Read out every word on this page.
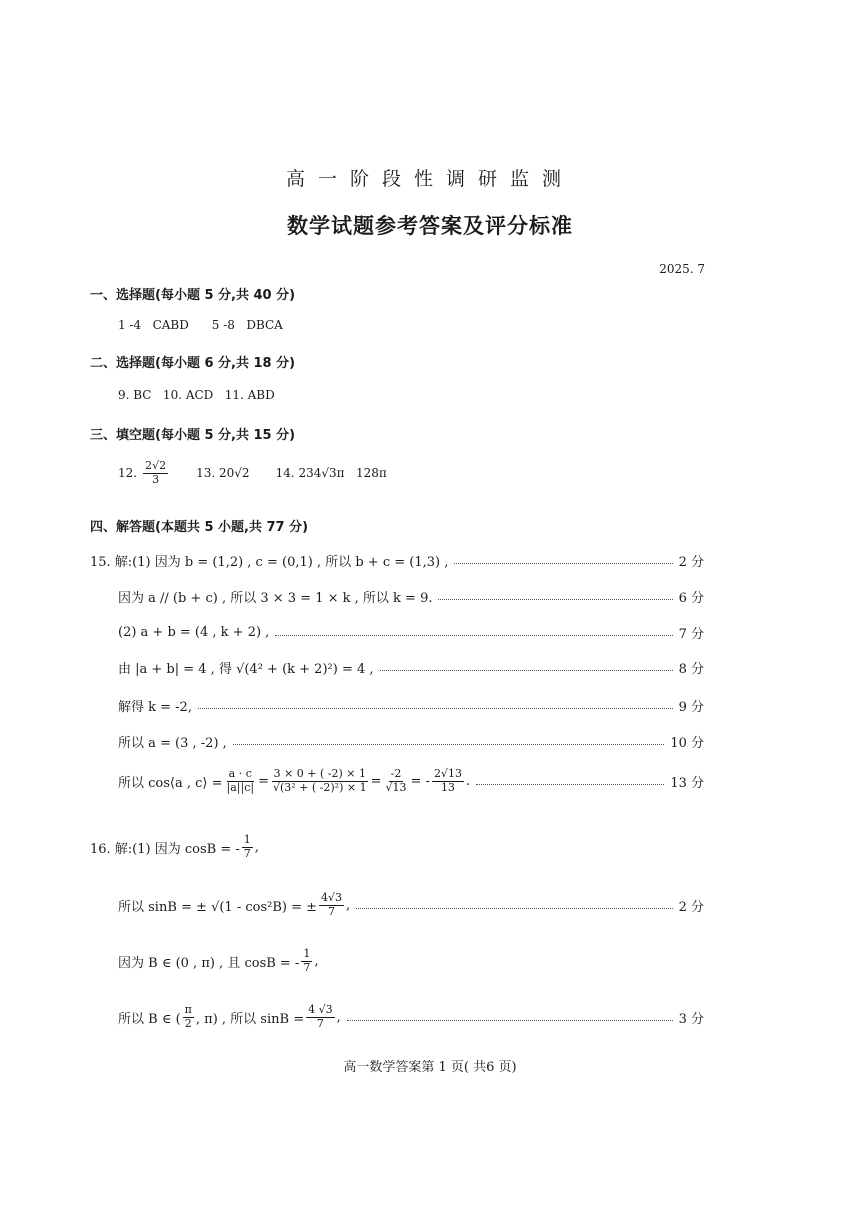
高一阶段性调研监测
数学试题参考答案及评分标准
2025. 7
一、选择题(每小题 5 分,共 40 分)
1 -4   CABD      5 -8   DBCA
二、选择题(每小题 6 分,共 18 分)
9. BC   10. ACD   11. ABD
三、填空题(每小题 5 分,共 15 分)
12. $\frac{2√2}{3} 13$. 20√2 14. 234√3π   128π
四、解答题(本题共 5 小题,共 77 分)
15. 解:(1) 因为 b = (1,2) , c = (0,1) , 所以 b + c = (1,3) ,	2 分
因为 a // (b + c) , 所以 3 × 3 = 1 × k , 所以 k = 9.	6 分
(2) a + b = (4 , k + 2) ,	7 分
由 |a + b| = 4 , 得 √(4² + (k + 2)²) = 4 ,	8 分
解得 k = -2,	9 分
所以 a = (3 , -2) ,	10 分
所以 cos⟨a , c⟩ = $\frac{a \cdot c}{|a||c|} = \frac{3 \times 0 + ( -2) \times 1}{\text{√(3² + ( -2)²) × 1}} = \frac{-2}{√13}$ = - $\frac{2√13}{13}$ .	13 分
16. 解:(1) 因为 cosB = - $\frac{1}{7}$ ,
所以 sinB = ± √(1 - cos²B) = ± $\frac{4√3}{7}$ ,	2 分
因为 B ∈ (0 , π) , 且 cosB = - $\frac{1}{7}$ ,
所以 B ∈ ( $\frac{\pi}{2}$ , π) , 所以 $\sin B = \frac{4 √3}{7}$ ,	3 分
高一数学答案第 1 页( 共6 页)
